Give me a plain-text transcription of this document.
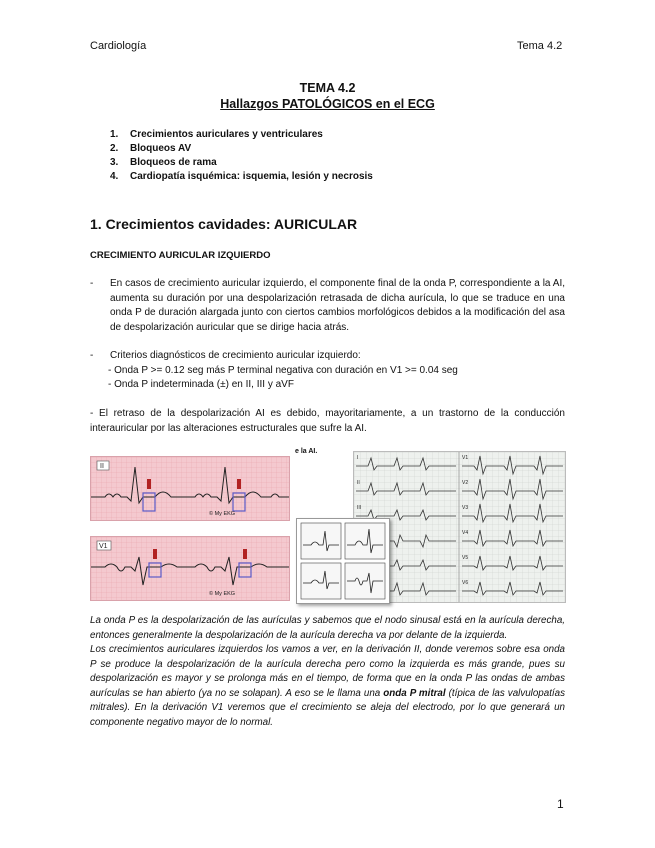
Cardiología	Tema 4.2
TEMA 4.2
Hallazgos PATOLÓGICOS en el ECG
1. Crecimientos auriculares y ventriculares
2. Bloqueos AV
3. Bloqueos de rama
4. Cardiopatía isquémica: isquemia, lesión y necrosis
1. Crecimientos cavidades: AURICULAR
CRECIMIENTO AURICULAR IZQUIERDO
- En casos de crecimiento auricular izquierdo, el componente final de la onda P, correspondiente a la AI, aumenta su duración por una despolarización retrasada de dicha aurícula, lo que se traduce en una onda P de duración alargada junto con ciertos cambios morfológicos debidos a la modificación del asa de despolarización auricular que se dirige hacia atrás.
- Criterios diagnósticos de crecimiento auricular izquierdo:
- Onda P >= 0.12 seg más P terminal negativa con duración en V1 >= 0.04 seg
- Onda P indeterminada (±) en II, III y aVF
- El retraso de la despolarización AI es debido, mayoritariamente, a un trastorno de la conducción interauricular por las alteraciones estructurales que sufre la AI.
II
© My EKG
V1
© My EKG
e la AI.
I
II
III
V1
V2
V3
V4
V5
V6

La onda P es la despolarización de las aurículas y sabemos que el nodo sinusal está en la aurícula derecha, entonces generalmente la despolarización de la aurícula derecha va por delante de la izquierda.

Los crecimientos auriculares izquierdos los vamos a ver, en la derivación II, donde veremos sobre esa onda P se produce la despolarización de la aurícula derecha pero como la izquierda es más grande, pues su despolarización es mayor y se prolonga más en el tiempo, de forma que en la onda P las ondas de ambas aurículas se han abierto (ya no se solapan). A eso se le llama una onda P mitral (típica de las valvulopatías mitrales). En la derivación V1 veremos que el crecimiento se aleja del electrodo, por lo que generará un componente negativo mayor de lo normal.

1
